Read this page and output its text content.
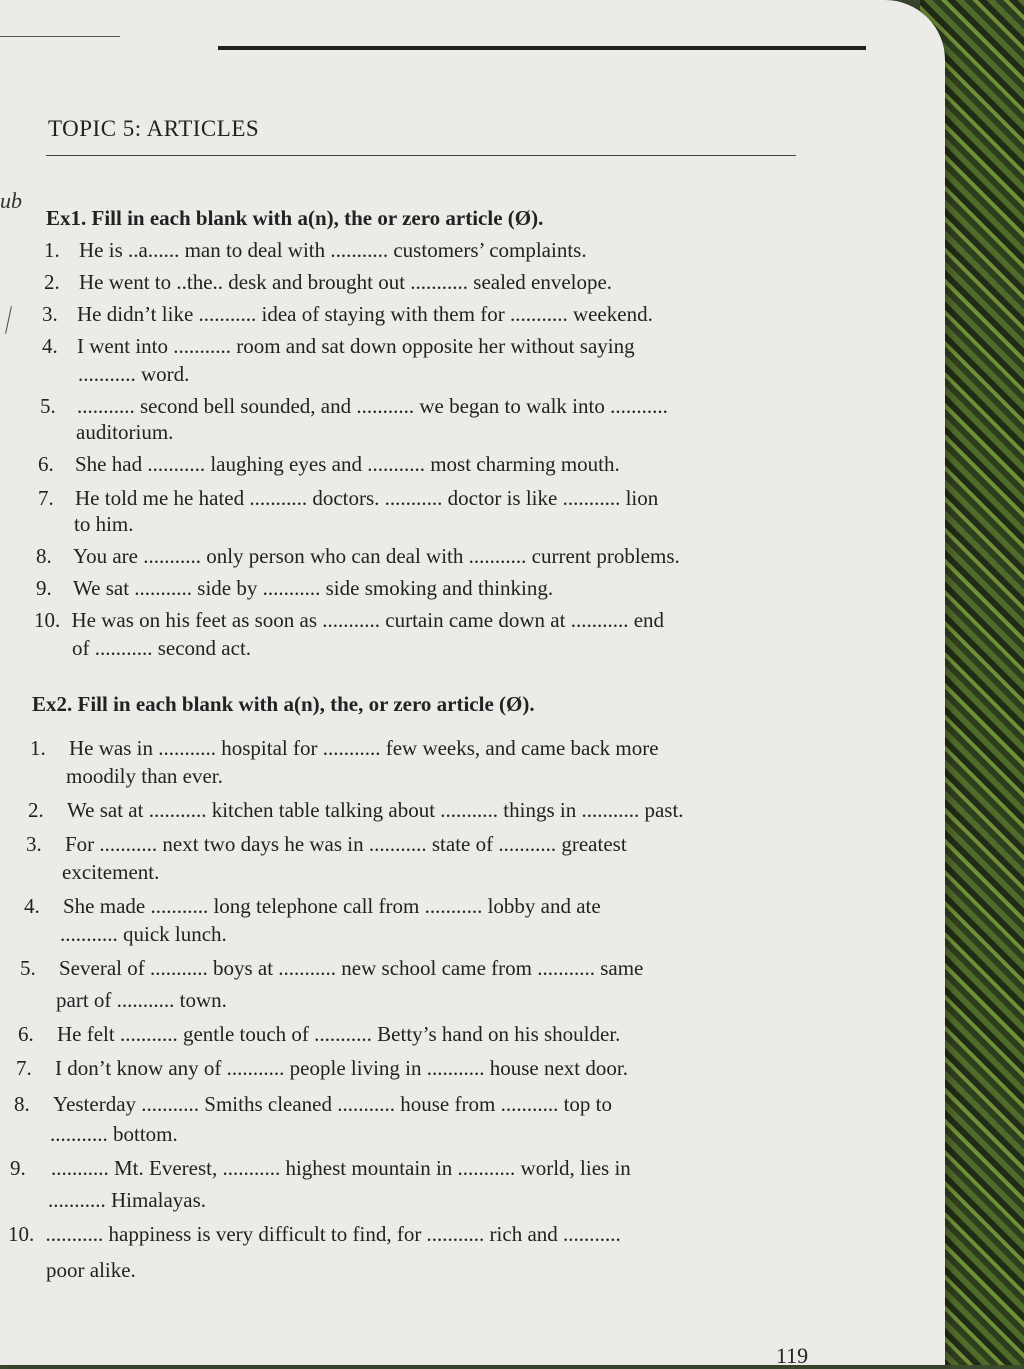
TOPIC 5: ARTICLES
ub
Ex1. Fill in each blank with a(n), the or zero article (Ø).
1. He is ..a...... man to deal with ........... customers’ complaints.
2. He went to ..the.. desk and brought out ........... sealed envelope.
3. He didn’t like ........... idea of staying with them for ........... weekend.
4. I went into ........... room and sat down opposite her without saying
........... word.
5. ........... second bell sounded, and ........... we began to walk into ...........
auditorium.
6. She had ........... laughing eyes and ........... most charming mouth.
7. He told me he hated ........... doctors. ........... doctor is like ........... lion
to him.
8. You are ........... only person who can deal with ........... current problems.
9. We sat ........... side by ........... side smoking and thinking.
10. He was on his feet as soon as ........... curtain came down at ........... end
of ........... second act.
Ex2. Fill in each blank with a(n), the, or zero article (Ø).
1. He was in ........... hospital for ........... few weeks, and came back more
moodily than ever.
2. We sat at ........... kitchen table talking about ........... things in ........... past.
3. For ........... next two days he was in ........... state of ........... greatest
excitement.
4. She made ........... long telephone call from ........... lobby and ate
........... quick lunch.
5. Several of ........... boys at ........... new school came from ........... same
part of ........... town.
6. He felt ........... gentle touch of ........... Betty’s hand on his shoulder.
7. I don’t know any of ........... people living in ........... house next door.
8. Yesterday ........... Smiths cleaned ........... house from ........... top to
........... bottom.
9. ........... Mt. Everest, ........... highest mountain in ........... world, lies in
........... Himalayas.
10. ........... happiness is very difficult to find, for ........... rich and ...........
poor alike.
119
